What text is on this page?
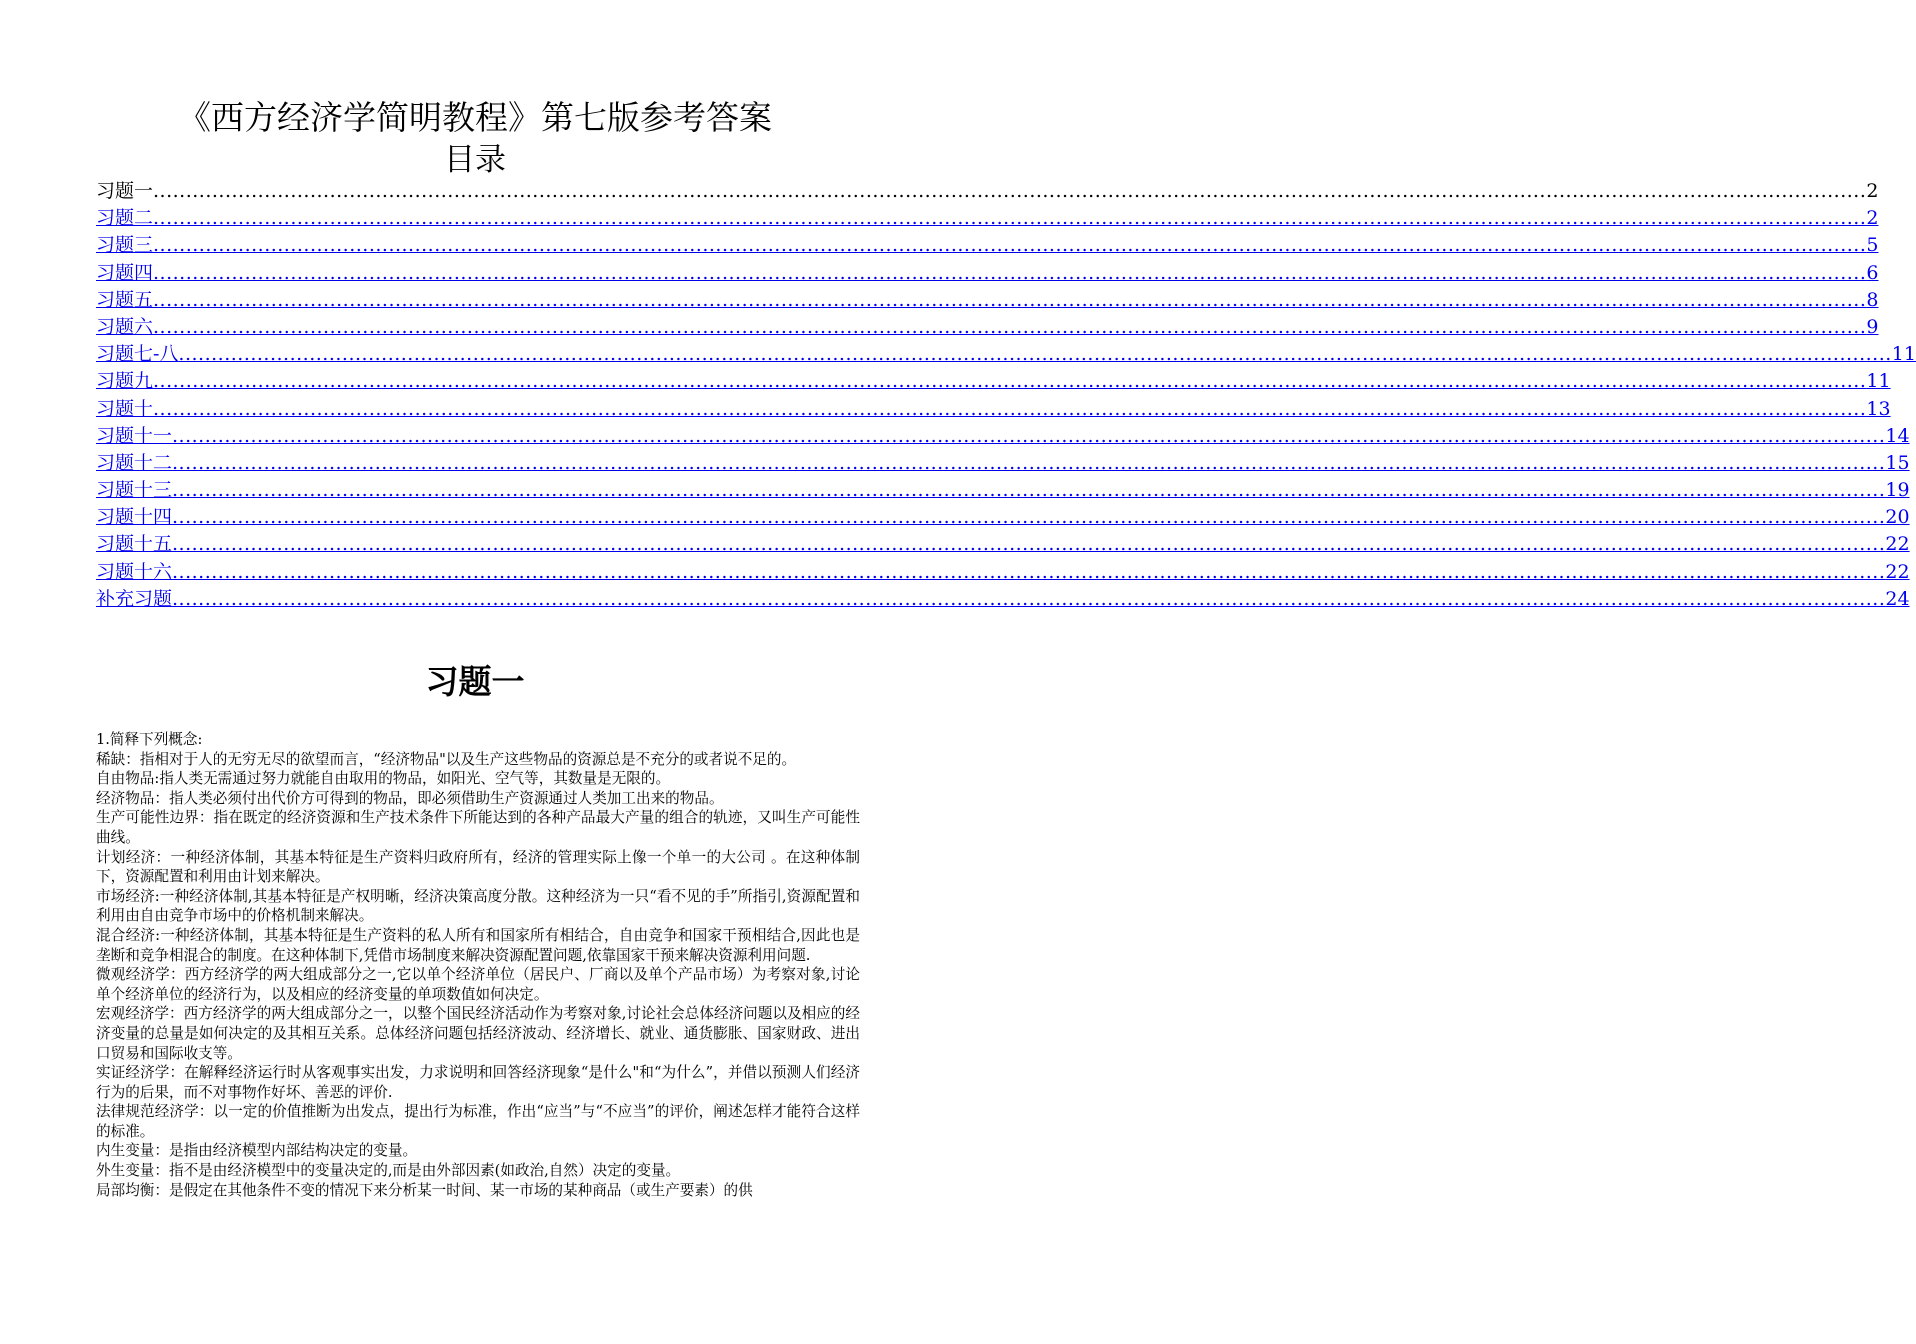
《西方经济学简明教程》第七版参考答案
目录
习题一 ...................................................................................................................................................................................................................................................................... 2
习题二 ...................................................................................................................................................................................................................................................................... 2
习题三 ...................................................................................................................................................................................................................................................................... 5
习题四 ...................................................................................................................................................................................................................................................................... 6
习题五 ...................................................................................................................................................................................................................................................................... 8
习题六 ...................................................................................................................................................................................................................................................................... 9
习题七-八 ...................................................................................................................................................................................................................................................................... 11
习题九 ...................................................................................................................................................................................................................................................................... 11
习题十 ...................................................................................................................................................................................................................................................................... 13
习题十一 ...................................................................................................................................................................................................................................................................... 14
习题十二 ...................................................................................................................................................................................................................................................................... 15
习题十三 ...................................................................................................................................................................................................................................................................... 19
习题十四 ...................................................................................................................................................................................................................................................................... 20
习题十五 ...................................................................................................................................................................................................................................................................... 22
习题十六 ...................................................................................................................................................................................................................................................................... 22
补充习题 ...................................................................................................................................................................................................................................................................... 24
习题一

1.简释下列概念:

稀缺：指相对于人的无穷无尽的欲望而言，“经济物品"以及生产这些物品的资源总是不充分的或者说不足的。

自由物品:指人类无需通过努力就能自由取用的物品，如阳光、空气等，其数量是无限的。

经济物品：指人类必须付出代价方可得到的物品，即必须借助生产资源通过人类加工出来的物品。

生产可能性边界：指在既定的经济资源和生产技术条件下所能达到的各种产品最大产量的组合的轨迹，又叫生产可能性曲线。

计划经济：一种经济体制，其基本特征是生产资料归政府所有，经济的管理实际上像一个单一的大公司 。在这种体制下，资源配置和利用由计划来解决。

市场经济:一种经济体制,其基本特征是产权明晰，经济决策高度分散。这种经济为一只“看不见的手”所指引,资源配置和利用由自由竞争市场中的价格机制来解决。

混合经济:一种经济体制，其基本特征是生产资料的私人所有和国家所有相结合，自由竞争和国家干预相结合,因此也是垄断和竞争相混合的制度。在这种体制下,凭借市场制度来解决资源配置问题,依靠国家干预来解决资源利用问题.

微观经济学：西方经济学的两大组成部分之一,它以单个经济单位（居民户、厂商以及单个产品市场）为考察对象,讨论单个经济单位的经济行为，以及相应的经济变量的单项数值如何决定。

宏观经济学：西方经济学的两大组成部分之一，以整个国民经济活动作为考察对象,讨论社会总体经济问题以及相应的经济变量的总量是如何决定的及其相互关系。总体经济问题包括经济波动、经济增长、就业、通货膨胀、国家财政、进出口贸易和国际收支等。

实证经济学：在解释经济运行时从客观事实出发，力求说明和回答经济现象“是什么"和“为什么”，并借以预测人们经济行为的后果，而不对事物作好坏、善恶的评价.

法律规范经济学：以一定的价值推断为出发点，提出行为标准，作出“应当”与“不应当”的评价，阐述怎样才能符合这样的标准。

内生变量：是指由经济模型内部结构决定的变量。

外生变量：指不是由经济模型中的变量决定的,而是由外部因素(如政治,自然）决定的变量。

局部均衡：是假定在其他条件不变的情况下来分析某一时间、某一市场的某种商品（或生产要素）的供
